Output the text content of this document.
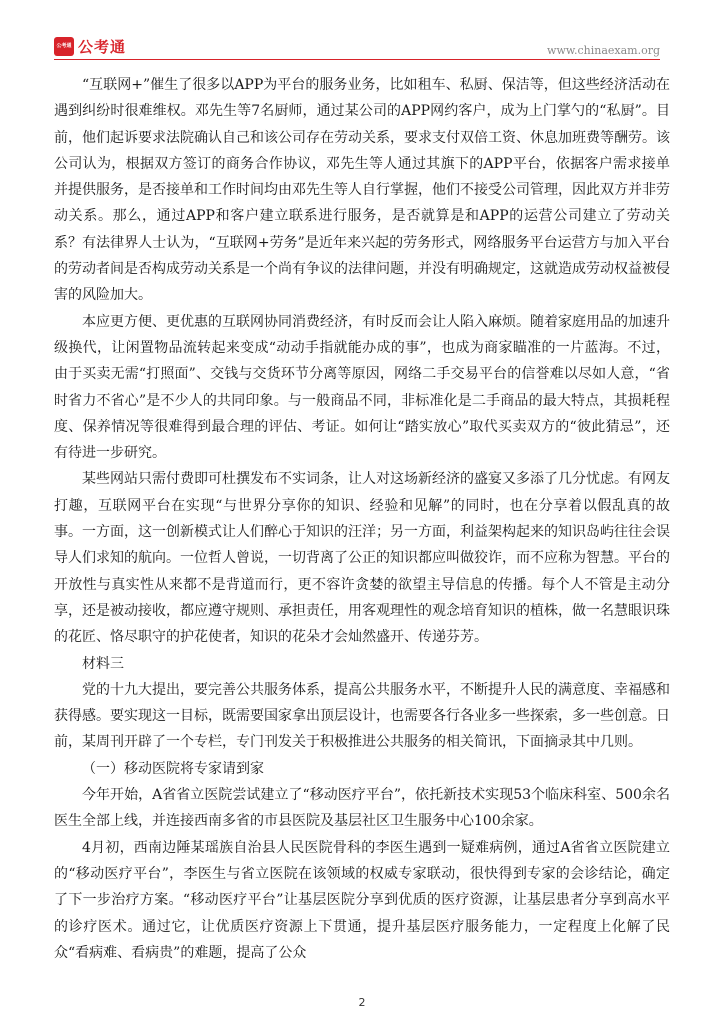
公考通 公考通	www.chinaexam.org

“互联网+”催生了很多以APP为平台的服务业务，比如租车、私厨、保洁等，但这些经济活动在遇到纠纷时很难维权。邓先生等7名厨师，通过某公司的APP网约客户，成为上门掌勺的“私厨”。目前，他们起诉要求法院确认自己和该公司存在劳动关系，要求支付双倍工资、休息加班费等酬劳。该公司认为，根据双方签订的商务合作协议，邓先生等人通过其旗下的APP平台，依据客户需求接单并提供服务，是否接单和工作时间均由邓先生等人自行掌握，他们不接受公司管理，因此双方并非劳动关系。那么，通过APP和客户建立联系进行服务，是否就算是和APP的运营公司建立了劳动关系？有法律界人士认为，“互联网+劳务”是近年来兴起的劳务形式，网络服务平台运营方与加入平台的劳动者间是否构成劳动关系是一个尚有争议的法律问题，并没有明确规定，这就造成劳动权益被侵害的风险加大。

本应更方便、更优惠的互联网协同消费经济，有时反而会让人陷入麻烦。随着家庭用品的加速升级换代，让闲置物品流转起来变成“动动手指就能办成的事”，也成为商家瞄准的一片蓝海。不过，由于买卖无需“打照面”、交钱与交货环节分离等原因，网络二手交易平台的信誉难以尽如人意，“省时省力不省心”是不少人的共同印象。与一般商品不同，非标准化是二手商品的最大特点，其损耗程度、保养情况等很难得到最合理的评估、考证。如何让“踏实放心”取代买卖双方的“彼此猜忌”，还有待进一步研究。

某些网站只需付费即可杜撰发布不实词条，让人对这场新经济的盛宴又多添了几分忧虑。有网友打趣，互联网平台在实现“与世界分享你的知识、经验和见解”的同时，也在分享着以假乱真的故事。一方面，这一创新模式让人们醉心于知识的汪洋；另一方面，利益架构起来的知识岛屿往往会误导人们求知的航向。一位哲人曾说，一切背离了公正的知识都应叫做狡诈，而不应称为智慧。平台的开放性与真实性从来都不是背道而行，更不容许贪婪的欲望主导信息的传播。每个人不管是主动分享，还是被动接收，都应遵守规则、承担责任，用客观理性的观念培育知识的植株，做一名慧眼识珠的花匠、恪尽职守的护花使者，知识的花朵才会灿然盛开、传递芬芳。

材料三

党的十九大提出，要完善公共服务体系，提高公共服务水平，不断提升人民的满意度、幸福感和获得感。要实现这一目标，既需要国家拿出顶层设计，也需要各行各业多一些探索，多一些创意。日前，某周刊开辟了一个专栏，专门刊发关于积极推进公共服务的相关简讯，下面摘录其中几则。

（一）移动医院将专家请到家

今年开始，A省省立医院尝试建立了“移动医疗平台”，依托新技术实现53个临床科室、500余名医生全部上线，并连接西南多省的市县医院及基层社区卫生服务中心100余家。

4月初，西南边陲某瑶族自治县人民医院骨科的李医生遇到一疑难病例，通过A省省立医院建立的“移动医疗平台”，李医生与省立医院在该领域的权威专家联动，很快得到专家的会诊结论，确定了下一步治疗方案。“移动医疗平台”让基层医院分享到优质的医疗资源，让基层患者分享到高水平的诊疗医术。通过它，让优质医疗资源上下贯通，提升基层医疗服务能力，一定程度上化解了民众“看病难、看病贵”的难题，提高了公众

2
